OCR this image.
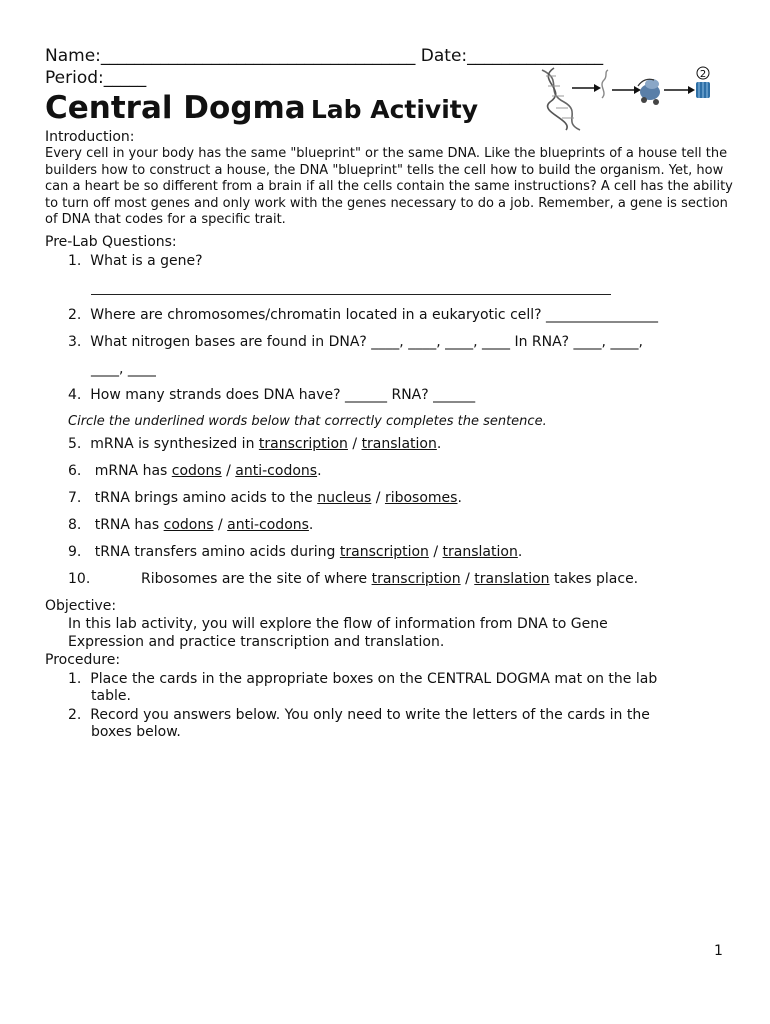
Name:_____________________________________ Date:________________
Period:_____
Central Dogma Lab Activity
2
Introduction:
Every cell in your body has the same "blueprint" or the same DNA. Like the blueprints of a house tell the builders how to construct a house, the DNA "blueprint" tells the cell how to build the organism. Yet, how can a heart be so different from a brain if all the cells contain the same instructions? A cell has the ability to turn off most genes and only work with the genes necessary to do a job. Remember, a gene is section of DNA that codes for a specific trait.
Pre-Lab Questions:
1. What is a gene?
2. Where are chromosomes/chromatin located in a eukaryotic cell? ________________
3. What nitrogen bases are found in DNA? ____, ____, ____, ____ In RNA? ____, ____,
____, ____
4. How many strands does DNA have? ______ RNA? ______
Circle the underlined words below that correctly completes the sentence.
5. mRNA is synthesized in transcription / translation.
6.   mRNA has codons / anti-codons.
7.   tRNA brings amino acids to the nucleus / ribosomes.
8.   tRNA has codons / anti-codons.
9.   tRNA transfers amino acids during transcription / translation.
10.	Ribosomes are the site of where transcription / translation takes place.
Objective:
In this lab activity, you will explore the flow of information from DNA to Gene
Expression and practice transcription and translation.
Procedure:
1. Place the cards in the appropriate boxes on the CENTRAL DOGMA mat on the lab
table.
2. Record you answers below. You only need to write the letters of the cards in the
boxes below.
1
